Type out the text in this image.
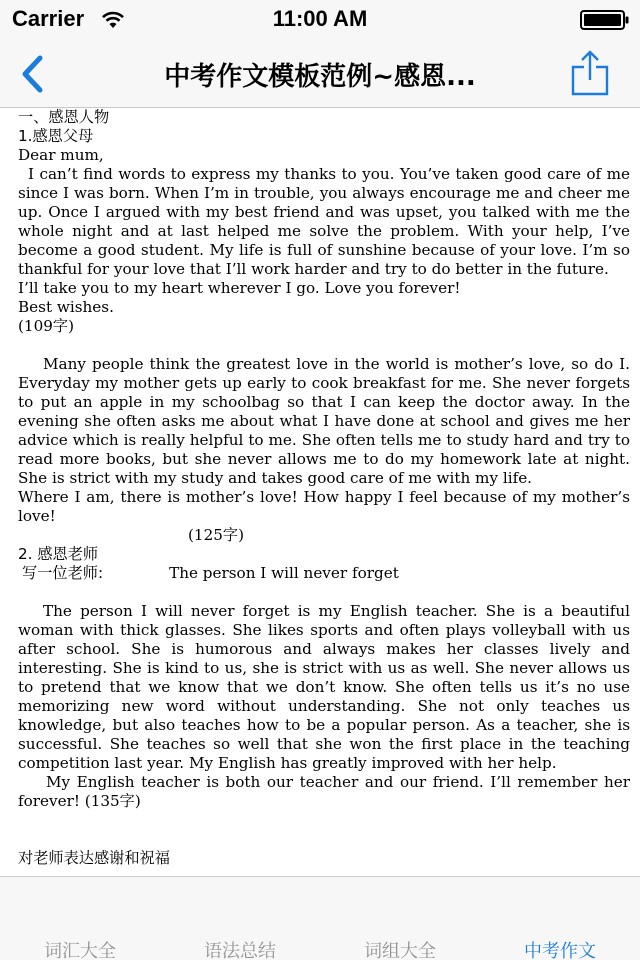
Carrier	11:00 AM
中考作文模板范例~感恩...

一、感恩人物

1.感恩父母

Dear mum,

I can’t find words to express my thanks to you. You’ve taken good care of me since I was born. When I’m in trouble, you always encourage me and cheer me up. Once I argued with my best friend and was upset, you talked with me the whole night and at last helped me solve the problem. With your help, I’ve become a good student. My life is full of sunshine because of your love. I’m so thankful for your love that I’ll work harder and try to do better in the future.

I’ll take you to my heart wherever I go. Love you forever!

Best wishes.

(109字)

Many people think the greatest love in the world is mother’s love, so do I. Everyday my mother gets up early to cook breakfast for me. She never forgets to put an apple in my schoolbag so that I can keep the doctor away. In the evening she often asks me about what I have done at school and gives me her advice which is really helpful to me. She often tells me to study hard and try to read more books, but she never allows me to do my homework late at night. She is strict with my study and takes good care of me with my life.

Where I am, there is mother’s love! How happy I feel because of my mother’s love!

(125字)

2. 感恩老师

写一位老师:	The person I will never forget

The person I will never forget is my English teacher. She is a beautiful woman with thick glasses. She likes sports and often plays volleyball with us after school. She is humorous and always makes her classes lively and interesting. She is kind to us, she is strict with us as well. She never allows us to pretend that we know that we don’t know. She often tells us it’s no use memorizing new word without understanding. She not only teaches us knowledge, but also teaches how to be a popular person. As a teacher, she is successful. She teaches so well that she won the first place in the teaching competition last year. My English has greatly improved with her help.

My English teacher is both our teacher and our friend. I’ll remember her forever! (135字)

对老师表达感谢和祝福

词汇大全	语法总结	词组大全	中考作文
